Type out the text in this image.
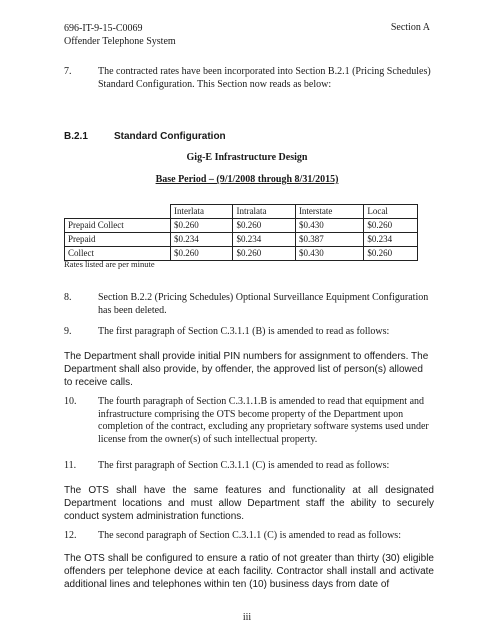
696-IT-9-15-C0069
Offender Telephone System
Section A
7.	The contracted rates have been incorporated into Section B.2.1 (Pricing Schedules) Standard Configuration. This Section now reads as below:
B.2.1	Standard Configuration
Gig-E Infrastructure Design
Base Period – (9/1/2008 through 8/31/2015)
	Interlata	Intralata	Interstate	Local
Prepaid Collect	$0.260	$0.260	$0.430	$0.260
Prepaid	$0.234	$0.234	$0.387	$0.234
Collect	$0.260	$0.260	$0.430	$0.260
Rates listed are per minute
8.	Section B.2.2 (Pricing Schedules) Optional Surveillance Equipment Configuration has been deleted.
9.	The first paragraph of Section C.3.1.1 (B) is amended to read as follows:
The Department shall provide initial PIN numbers for assignment to offenders. The Department shall also provide, by offender, the approved list of person(s) allowed to receive calls.
10.	The fourth paragraph of Section C.3.1.1.B is amended to read that equipment and infrastructure comprising the OTS become property of the Department upon completion of the contract, excluding any proprietary software systems used under license from the owner(s) of such intellectual property.
11.	The first paragraph of Section C.3.1.1 (C) is amended to read as follows:
The OTS shall have the same features and functionality at all designated Department locations and must allow Department staff the ability to securely conduct system administration functions.
12.	The second paragraph of Section C.3.1.1 (C) is amended to read as follows:
The OTS shall be configured to ensure a ratio of not greater than thirty (30) eligible offenders per telephone device at each facility. Contractor shall install and activate additional lines and telephones within ten (10) business days from date of
iii
